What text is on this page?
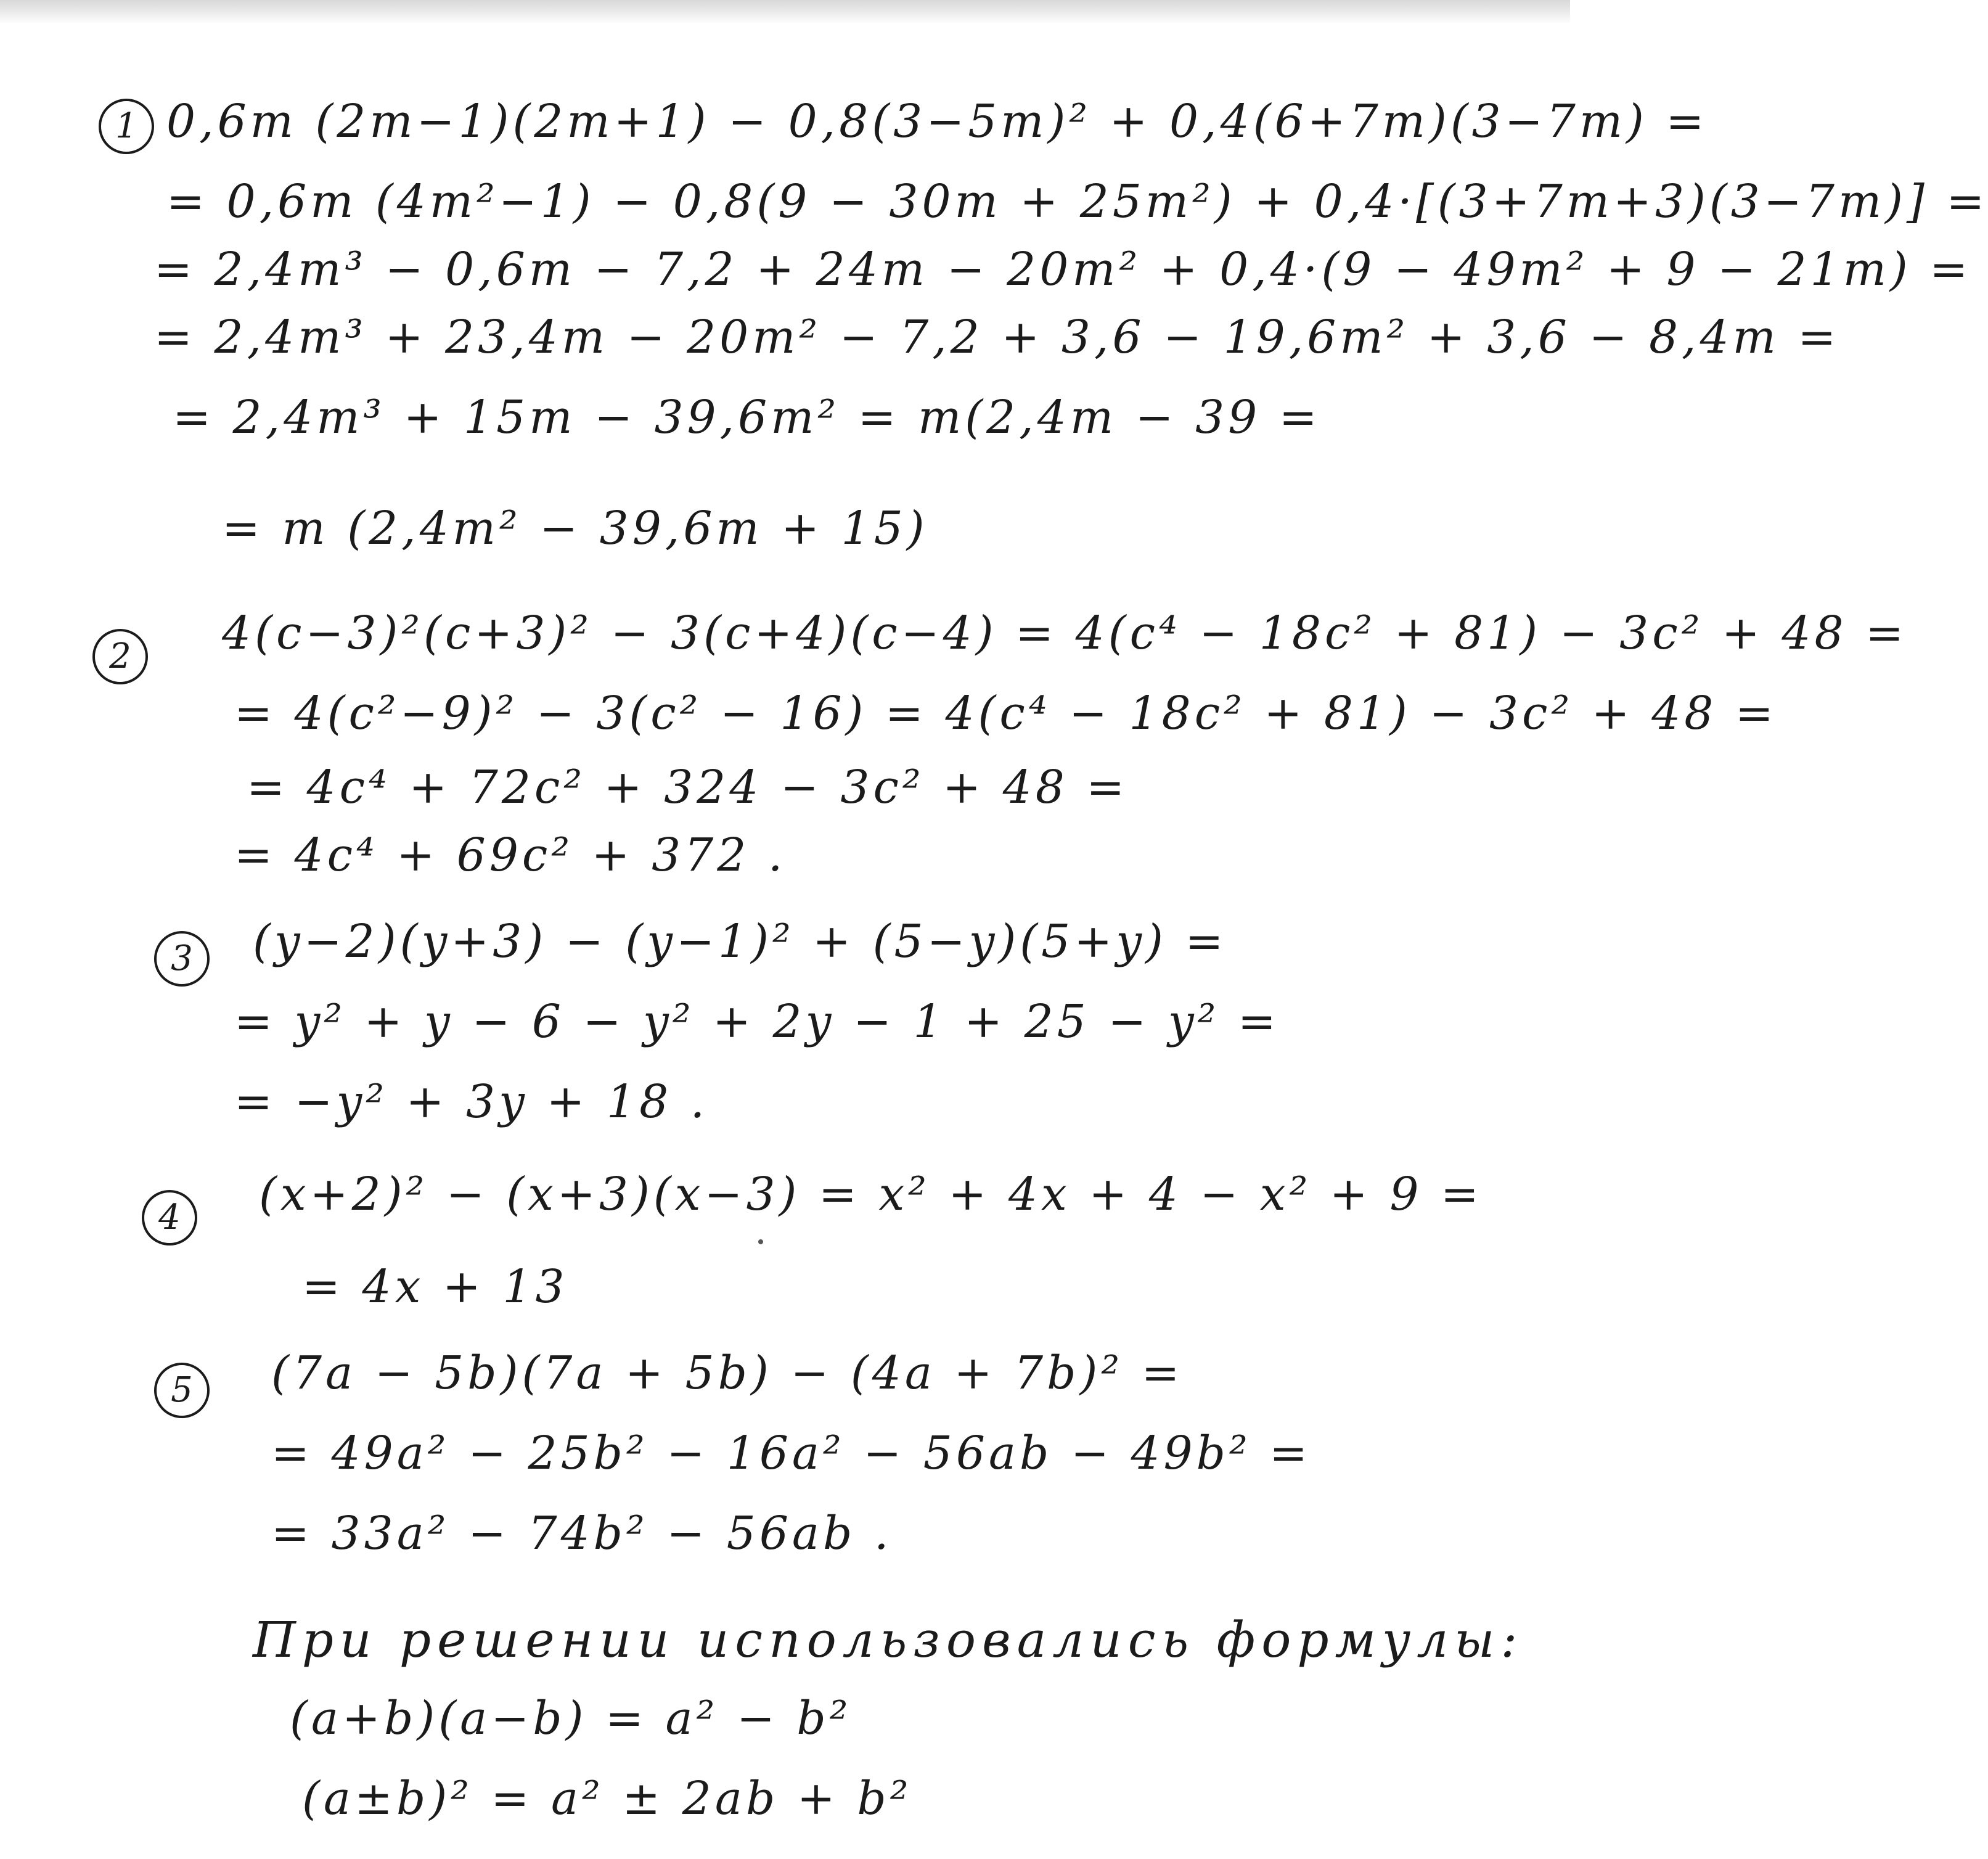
1 0,6m (2m−1)(2m+1) − 0,8(3−5m)² + 0,4(6+7m)(3−7m) =
= 0,6m (4m²−1) − 0,8(9 − 30m + 25m²) + 0,4·[(3+7m+3)(3−7m)] =
= 2,4m³ − 0,6m − 7,2 + 24m − 20m² + 0,4·(9 − 49m² + 9 − 21m) =
= 2,4m³ + 23,4m − 20m² − 7,2 + 3,6 − 19,6m² + 3,6 − 8,4m =
= 2,4m³ + 15m − 39,6m² = m(2,4m − 39 =
= m (2,4m² − 39,6m + 15)
2	4(c−3)²(c+3)² − 3(c+4)(c−4) = 4(c⁴ − 18c² + 81) − 3c² + 48 =
= 4(c²−9)² − 3(c² − 16) = 4(c⁴ − 18c² + 81) − 3c² + 48 =
= 4c⁴ + 72c² + 324 − 3c² + 48 =
= 4c⁴ + 69c² + 372 .
3	(y−2)(y+3) − (y−1)² + (5−y)(5+y) =
= y² + y − 6 − y² + 2y − 1 + 25 − y² =
= −y² + 3y + 18 .
4	(x+2)² − (x+3)(x−3) = x² + 4x + 4 − x² + 9 =
= 4x + 13
5	(7a − 5b)(7a + 5b) − (4a + 7b)² =
= 49a² − 25b² − 16a² − 56ab − 49b² =
= 33a² − 74b² − 56ab .
При решении использовались формулы:
(a+b)(a−b) = a² − b²
(a±b)² = a² ± 2ab + b²
